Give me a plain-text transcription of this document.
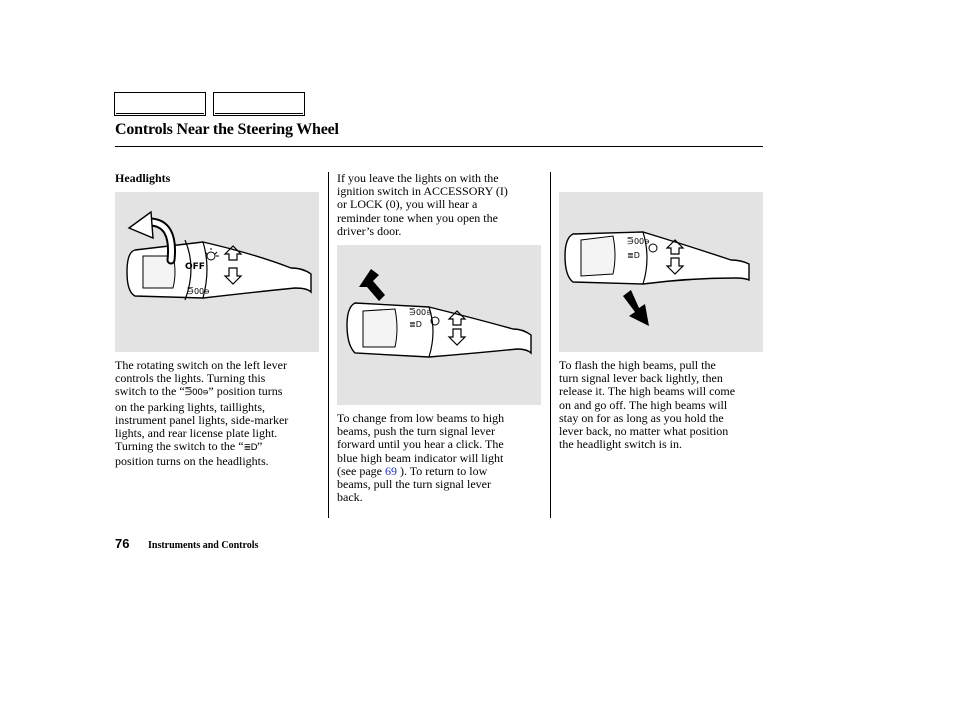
Controls Near the Steering Wheel
Headlights
OFF
⋽00⋼
The rotating switch on the left lever
controls the lights. Turning this
switch to the “⋽00⋼” position turns
on the parking lights, taillights,
instrument panel lights, side-marker
lights, and rear license plate light.
Turning the switch to the “≣D”
position turns on the headlights.
If you leave the lights on with the
ignition switch in ACCESSORY (I)
or LOCK (0), you will hear a
reminder tone when you open the
driver’s door.
⋽00⋼
≣D
To change from low beams to high
beams, push the turn signal lever
forward until you hear a click. The
blue high beam indicator will light
(see page 69 ). To return to low
beams, pull the turn signal lever
back.
⋽00⋼
≣D
To flash the high beams, pull the
turn signal lever back lightly, then
release it. The high beams will come
on and go off. The high beams will
stay on for as long as you hold the
lever back, no matter what position
the headlight switch is in.
76 Instruments and Controls
